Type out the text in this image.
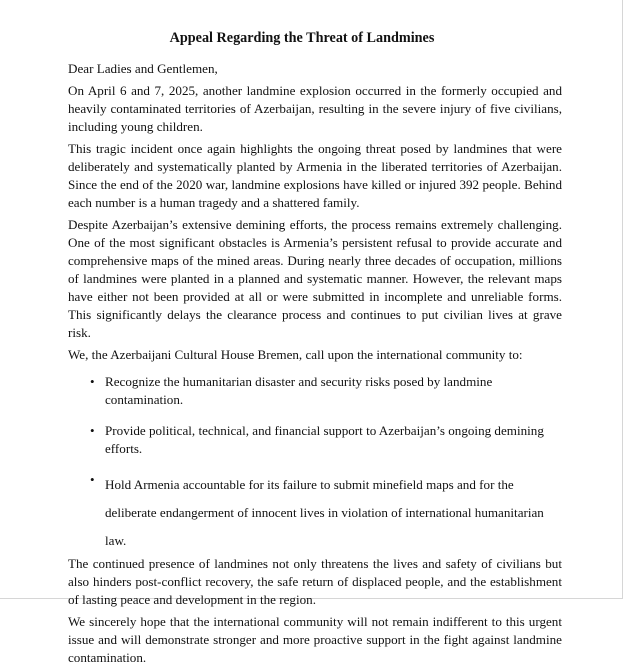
Appeal Regarding the Threat of Landmines

Dear Ladies and Gentlemen,

On April 6 and 7, 2025, another landmine explosion occurred in the formerly occupied and heavily contaminated territories of Azerbaijan, resulting in the severe injury of five civilians, including young children.

This tragic incident once again highlights the ongoing threat posed by landmines that were deliberately and systematically planted by Armenia in the liberated territories of Azerbaijan. Since the end of the 2020 war, landmine explosions have killed or injured 392 people. Behind each number is a human tragedy and a shattered family.

Despite Azerbaijan’s extensive demining efforts, the process remains extremely challenging. One of the most significant obstacles is Armenia’s persistent refusal to provide accurate and comprehensive maps of the mined areas. During nearly three decades of occupation, millions of landmines were planted in a planned and systematic manner. However, the relevant maps have either not been provided at all or were submitted in incomplete and unreliable forms. This significantly delays the clearance process and continues to put civilian lives at grave risk.

We, the Azerbaijani Cultural House Bremen, call upon the international community to:

• Recognize the humanitarian disaster and security risks posed by landmine contamination.
• Provide political, technical, and financial support to Azerbaijan’s ongoing demining efforts.
• Hold Armenia accountable for its failure to submit minefield maps and for the deliberate endangerment of innocent lives in violation of international humanitarian law.

The continued presence of landmines not only threatens the lives and safety of civilians but also hinders post-conflict recovery, the safe return of displaced people, and the establishment of lasting peace and development in the region.

We sincerely hope that the international community will not remain indifferent to this urgent issue and will demonstrate stronger and more proactive support in the fight against landmine contamination.
